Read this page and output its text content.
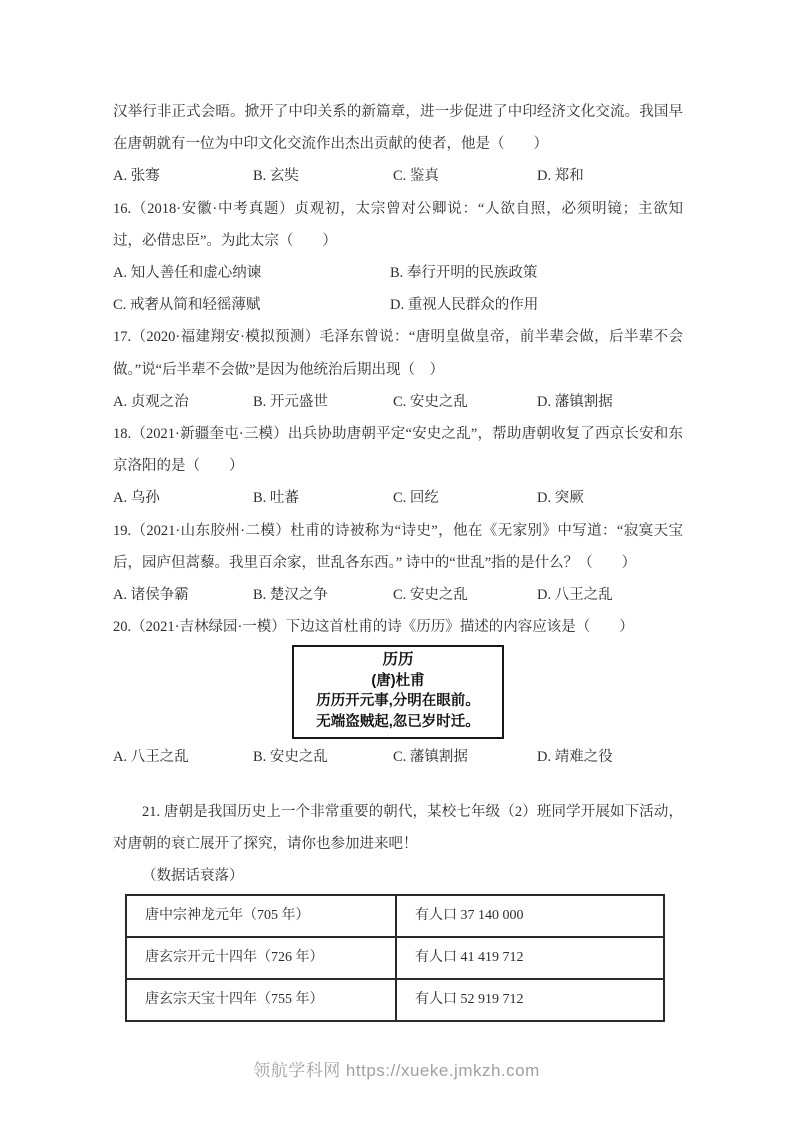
汉举行非正式会晤。掀开了中印关系的新篇章，进一步促进了中印经济文化交流。我国早在唐朝就有一位为中印文化交流作出杰出贡献的使者，他是（　　）

A. 张骞	B. 玄奘	C. 鉴真	D. 郑和

16.（2018·安徽·中考真题）贞观初，太宗曾对公卿说：“人欲自照，必须明镜；主欲知过，必借忠臣”。为此太宗（　　）

A. 知人善任和虚心纳谏	B. 奉行开明的民族政策
C. 戒奢从简和轻徭薄赋	D. 重视人民群众的作用

17.（2020·福建翔安·模拟预测）毛泽东曾说：“唐明皇做皇帝，前半辈会做，后半辈不会做。”说“后半辈不会做”是因为他统治后期出现（　）

A. 贞观之治	B. 开元盛世	C. 安史之乱	D. 藩镇割据

18.（2021·新疆奎屯·三模）出兵协助唐朝平定“安史之乱”，帮助唐朝收复了西京长安和东京洛阳的是（　　）

A. 乌孙	B. 吐蕃	C. 回纥	D. 突厥

19.（2021·山东胶州·二模）杜甫的诗被称为“诗史”，他在《无家别》中写道：“寂寞天宝后，园庐但蒿藜。我里百余家，世乱各东西。” 诗中的“世乱”指的是什么？（　　）

A. 诸侯争霸	B. 楚汉之争	C. 安史之乱	D. 八王之乱

20.（2021·吉林绿园·一模）下边这首杜甫的诗《历历》描述的内容应该是（　　）

历历
(唐)杜甫
历历开元事,分明在眼前。
无端盗贼起,忽已岁时迁。
A. 八王之乱	B. 安史之乱	C. 藩镇割据	D. 靖难之役

21. 唐朝是我国历史上一个非常重要的朝代，某校七年级（2）班同学开展如下活动，对唐朝的衰亡展开了探究，请你也参加进来吧！

（数据话衰落）

唐中宗神龙元年（705 年）	有人口 37 140 000
唐玄宗开元十四年（726 年）	有人口 41 419 712
唐玄宗天宝十四年（755 年）	有人口 52 919 712
领航学科网 https://xueke.jmkzh.com
